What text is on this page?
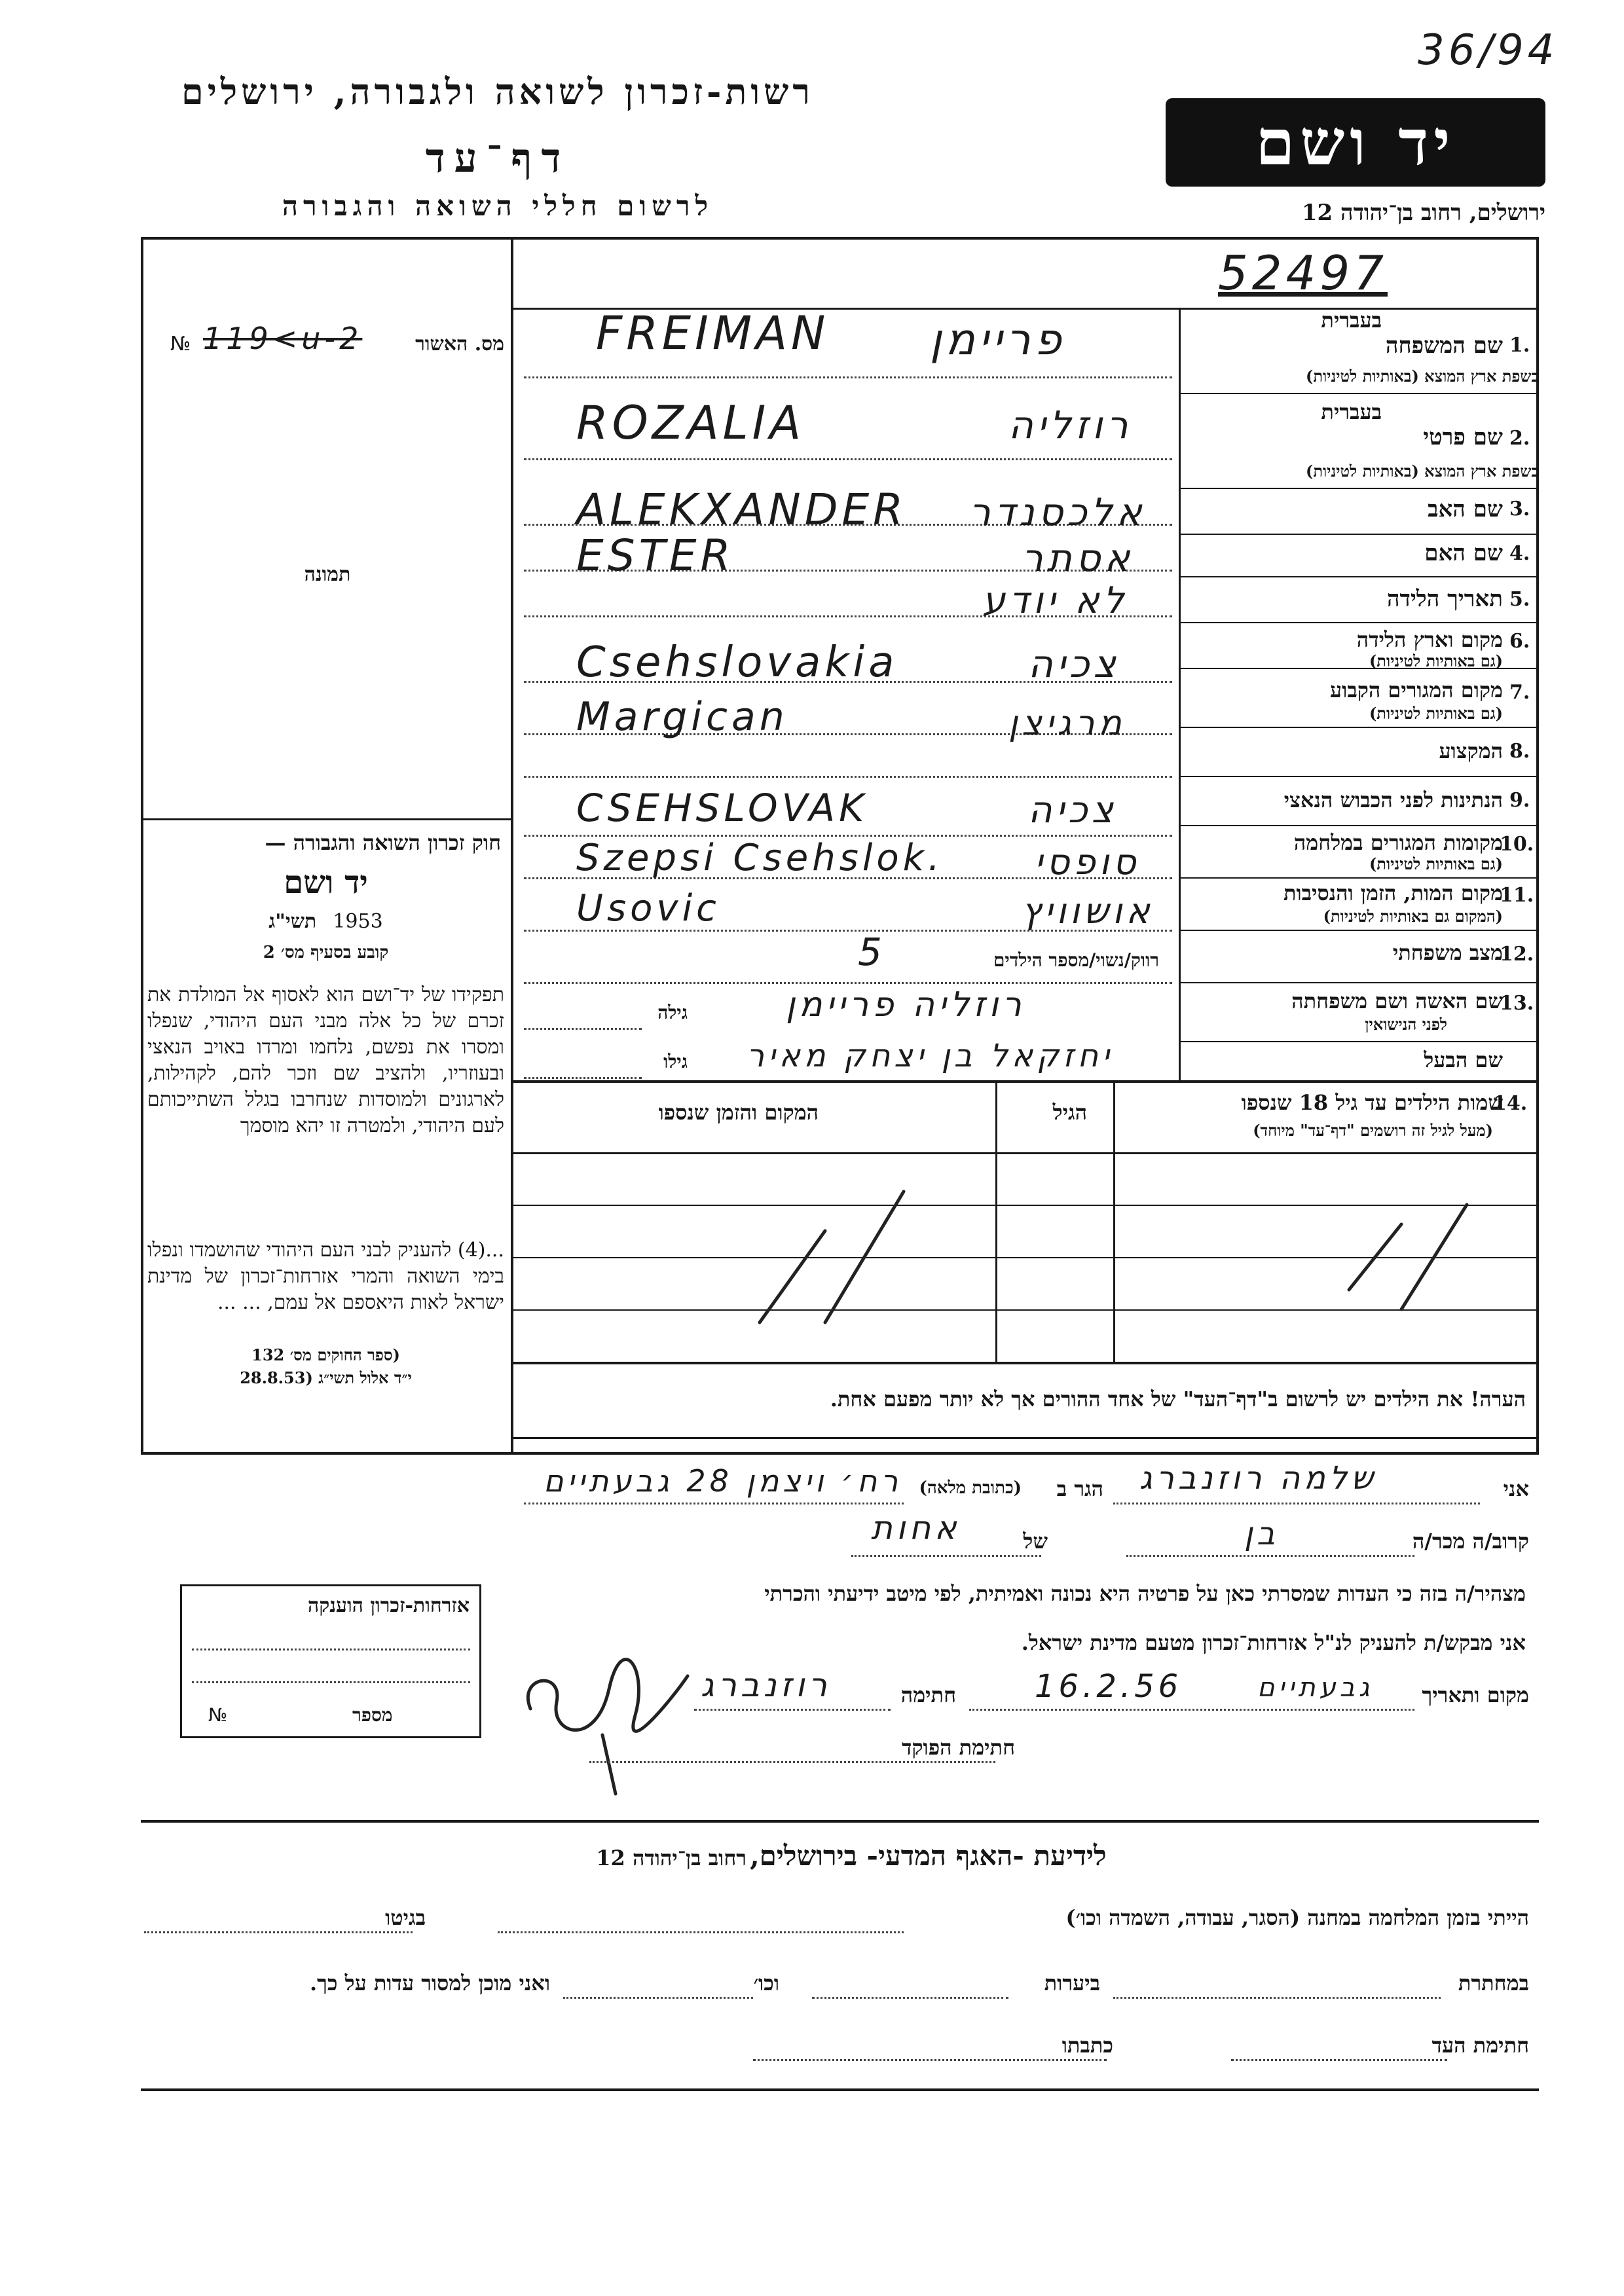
36/94
רשות-זכרון לשואה ולגבורה, ירושלים
דף־עד
לרשום חללי השואה והגבורה
יד ושם
ירושלים, רחוב בן־יהודה 12
№ 119<u-2	מס. האשור
תמונה
חוק זכרון השואה והגבורה —
יד ושם
תשי"ג 1953
קובע בסעיף מס׳ 2
תפקידו של יד־ושם הוא לאסוף אל המולדת את זכרם של כל אלה מבני העם היהודי, שנפלו ומסרו את נפשם, נלחמו ומרדו באויב הנאצי ובעוזריו, ולהציב שם וזכר להם, לקהילות, לארגונים ולמוסדות שנחרבו בגלל השתייכותם לעם היהודי, ולמטרה זו יהא מוסמך
...(4) להעניק לבני העם היהודי שהושמדו ונפלו בימי השואה והמרי אזרחות־זכרון של מדינת ישראל לאות היאספם אל עמם, ... ...
(ספר החוקים מס׳ 132
י״ד אלול תשי״ג (28.8.53
אזרחות-זכרון הוענקה
№	מספר
52497
1.
שם המשפחה
בעברית
בשפת ארץ המוצא (באותיות לטיניות)
FREIMAN פריימן
2.
שם פרטי
בעברית
בשפת ארץ המוצא (באותיות לטיניות)
ROZALIA	רוזליה
3.
שם האב
ALEKXANDER אלכסנדר
4.
שם האם
ESTER	אסתר
5.
תאריך הלידה
לא יודע
6.
מקום וארץ הלידה
(גם באותיות לטיניות)
Csehslovakia	צכיה
7.
מקום המגורים הקבוע
(גם באותיות לטיניות)
Margican	מרגיצן
8.
המקצוע
9.
הנתינות לפני הכבוש הנאצי
CSEHSLOVAK	צכיה
10.
מקומות המגורים במלחמה
(גם באותיות לטיניות)
Szepsi Csehslok.	סופסי
11.
מקום המות, הזמן והנסיבות
(המקום גם באותיות לטיניות)
Usovic	אושוויץ
12.
מצב משפחתי
רווק/נשוי/מספר הילדים
5
13.
שם האשה ושם משפחתה
לפני הנישואין
גילה	רוזליה פריימן
שם הבעל
גילו יחזקאל בן יצחק מאיר
14.
שמות הילדים עד גיל 18 שנספו
(מעל לגיל זה רושמים "דף־עד" מיוחד)
הגיל
המקום והזמן שנספו
הערה! את הילדים יש לרשום ב"דף־העד" של אחד ההורים אך לא יותר מפעם אחת.
אני
שלמה רוזנברג
הגר ב
(כתובת מלאה)
רח׳ ויצמן 28 גבעתיים
קרוב/ה מכר/ה
בן
של
אחות
מצהיר/ה בזה כי העדות שמסרתי כאן על פרטיה היא נכונה ואמיתית, לפי מיטב ידיעתי והכרתי
אני מבקש/ת להעניק לנ"ל אזרחות־זכרון מטעם מדינת ישראל.
מקום ותאריך
גבעתיים
16.2.56
חתימה
רוזנברג
חתימת הפוקד
לידיעת -האגף המדעי- בירושלים, רחוב בן־יהודה 12
הייתי בזמן המלחמה במחנה (הסגר, עבודה, השמדה וכו׳)
בגיטו
במחתרת
ביערות
וכו׳
ואני מוכן למסור עדות על כך.
חתימת העד
כתבתו
